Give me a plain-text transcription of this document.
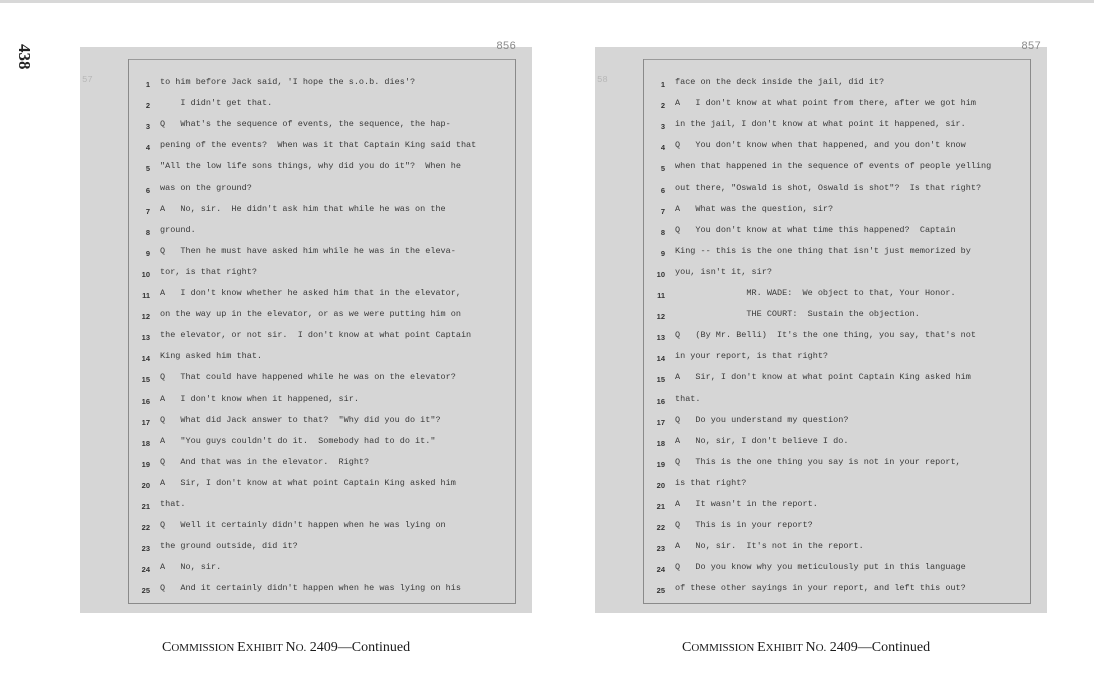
438	856
57	1 to him before Jack said, 'I hope the s.o.b. dies'?
2 I didn't get that.
3 Q   What's the sequence of events, the sequence, the hap-
4 pening of the events?  When was it that Captain King said that
5 "All the low life sons things, why did you do it"?  When he
6 was on the ground?
7 A   No, sir.  He didn't ask him that while he was on the
8 ground.
9 Q   Then he must have asked him while he was in the eleva-
10 tor, is that right?
11 A   I don't know whether he asked him that in the elevator,
12 on the way up in the elevator, or as we were putting him on
13 the elevator, or not sir.  I don't know at what point Captain
14 King asked him that.
15 Q   That could have happened while he was on the elevator?
16 A   I don't know when it happened, sir.
17 Q   What did Jack answer to that?  "Why did you do it"?
18 A   "You guys couldn't do it.  Somebody had to do it."
19 Q   And that was in the elevator.  Right?
20 A   Sir, I don't know at what point Captain King asked him
21 that.
22 Q   Well it certainly didn't happen when he was lying on
23 the ground outside, did it?
24 A   No, sir.
25 Q   And it certainly didn't happen when he was lying on his
857
58	1 face on the deck inside the jail, did it?
2 A   I don't know at what point from there, after we got him
3 in the jail, I don't know at what point it happened, sir.
4 Q   You don't know when that happened, and you don't know
5 when that happened in the sequence of events of people yelling
6 out there, "Oswald is shot, Oswald is shot"?  Is that right?
7 A   What was the question, sir?
8 Q   You don't know at what time this happened?  Captain
9 King -- this is the one thing that isn't just memorized by
10 you, isn't it, sir?
11 MR. WADE:  We object to that, Your Honor.
12 THE COURT:  Sustain the objection.
13 Q   (By Mr. Belli)  It's the one thing, you say, that's not
14 in your report, is that right?
15 A   Sir, I don't know at what point Captain King asked him
16 that.
17 Q   Do you understand my question?
18 A   No, sir, I don't believe I do.
19 Q   This is the one thing you say is not in your report,
20 is that right?
21 A   It wasn't in the report.
22 Q   This is in your report?
23 A   No, sir.  It's not in the report.
24 Q   Do you know why you meticulously put in this language
25 of these other sayings in your report, and left this out?
COMMISSION EXHIBIT NO. 2409—Continued	COMMISSION EXHIBIT NO. 2409—Continued
